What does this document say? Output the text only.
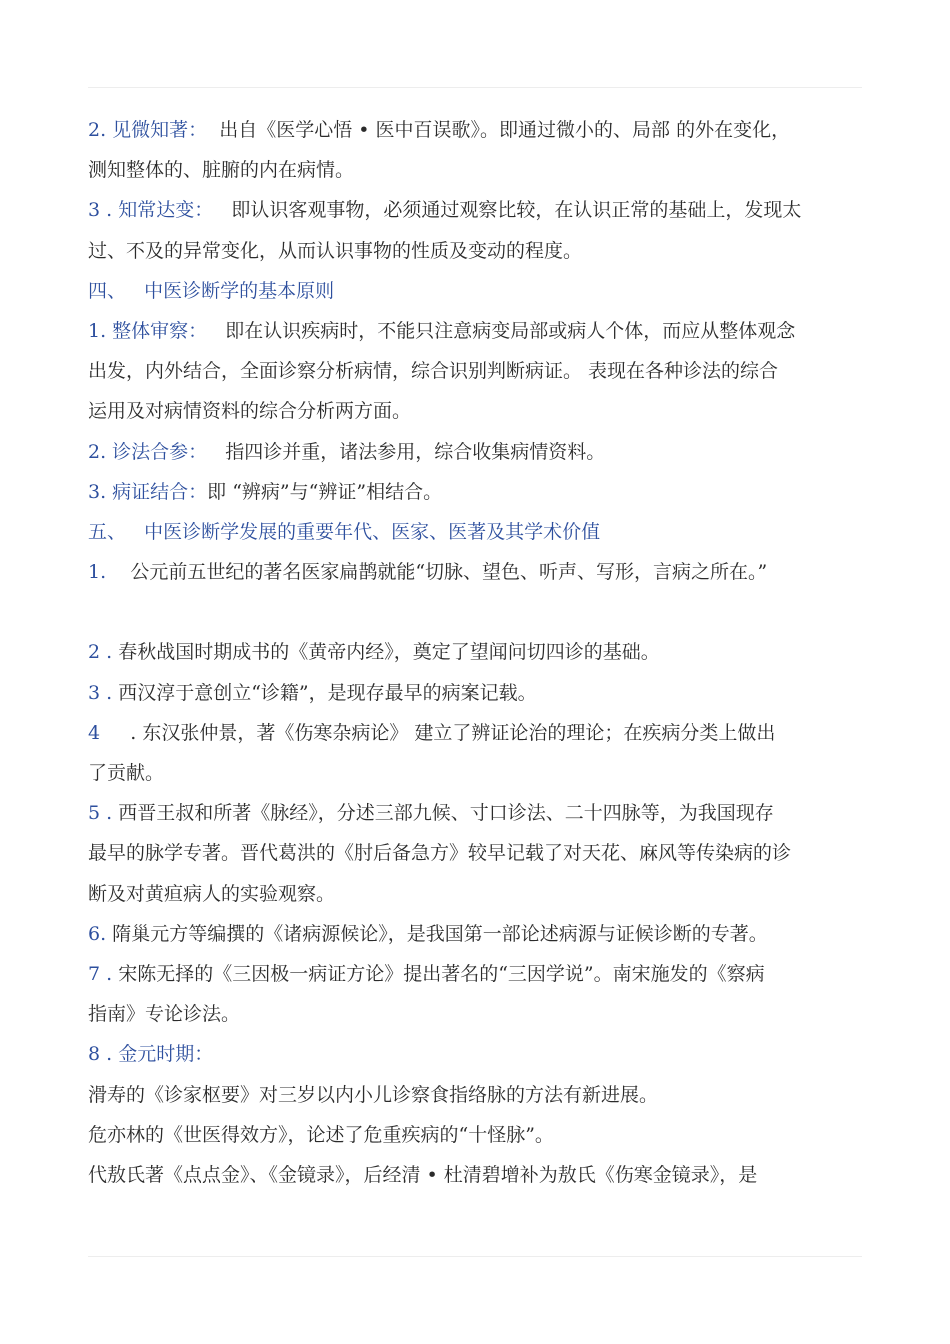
2. 见微知著： 出自《医学心悟 • 医中百误歌》。即通过微小的、局部 的外在变化，
测知整体的、脏腑的内在病情。
3 . 知常达变： 即认识客观事物，必须通过观察比较，在认识正常的基础上，发现太
过、不及的异常变化，从而认识事物的性质及变动的程度。
四、 中医诊断学的基本原则
1. 整体审察： 即在认识疾病时，不能只注意病变局部或病人个体，而应从整体观念
出发，内外结合，全面诊察分析病情，综合识别判断病证。 表现在各种诊法的综合
运用及对病情资料的综合分析两方面。
2. 诊法合参： 指四诊并重，诸法参用，综合收集病情资料。
3. 病证结合：即 “辨病”与“辨证”相结合。
五、 中医诊断学发展的重要年代、医家、医著及其学术价值
1. 公元前五世纪的著名医家扁鹊就能“切脉、望色、听声、写形，言病之所在。”
2 . 春秋战国时期成书的《黄帝内经》，奠定了望闻问切四诊的基础。
3 . 西汉淳于意创立“诊籍”，是现存最早的病案记载。
4 . 东汉张仲景，著《伤寒杂病论》 建立了辨证论治的理论；在疾病分类上做出
了贡献。
5 . 西晋王叔和所著《脉经》，分述三部九候、寸口诊法、二十四脉等，为我国现存
最早的脉学专著。晋代葛洪的《肘后备急方》较早记载了对天花、麻风等传染病的诊
断及对黄疸病人的实验观察。
6. 隋巢元方等编撰的《诸病源候论》，是我国第一部论述病源与证候诊断的专著。
7 . 宋陈无择的《三因极一病证方论》提出著名的“三因学说”。南宋施发的《察病
指南》专论诊法。
8 . 金元时期：
滑寿的《诊家枢要》对三岁以内小儿诊察食指络脉的方法有新进展。
危亦林的《世医得效方》，论述了危重疾病的“十怪脉”。
代敖氏著《点点金》、《金镜录》，后经清 • 杜清碧增补为敖氏《伤寒金镜录》，是
